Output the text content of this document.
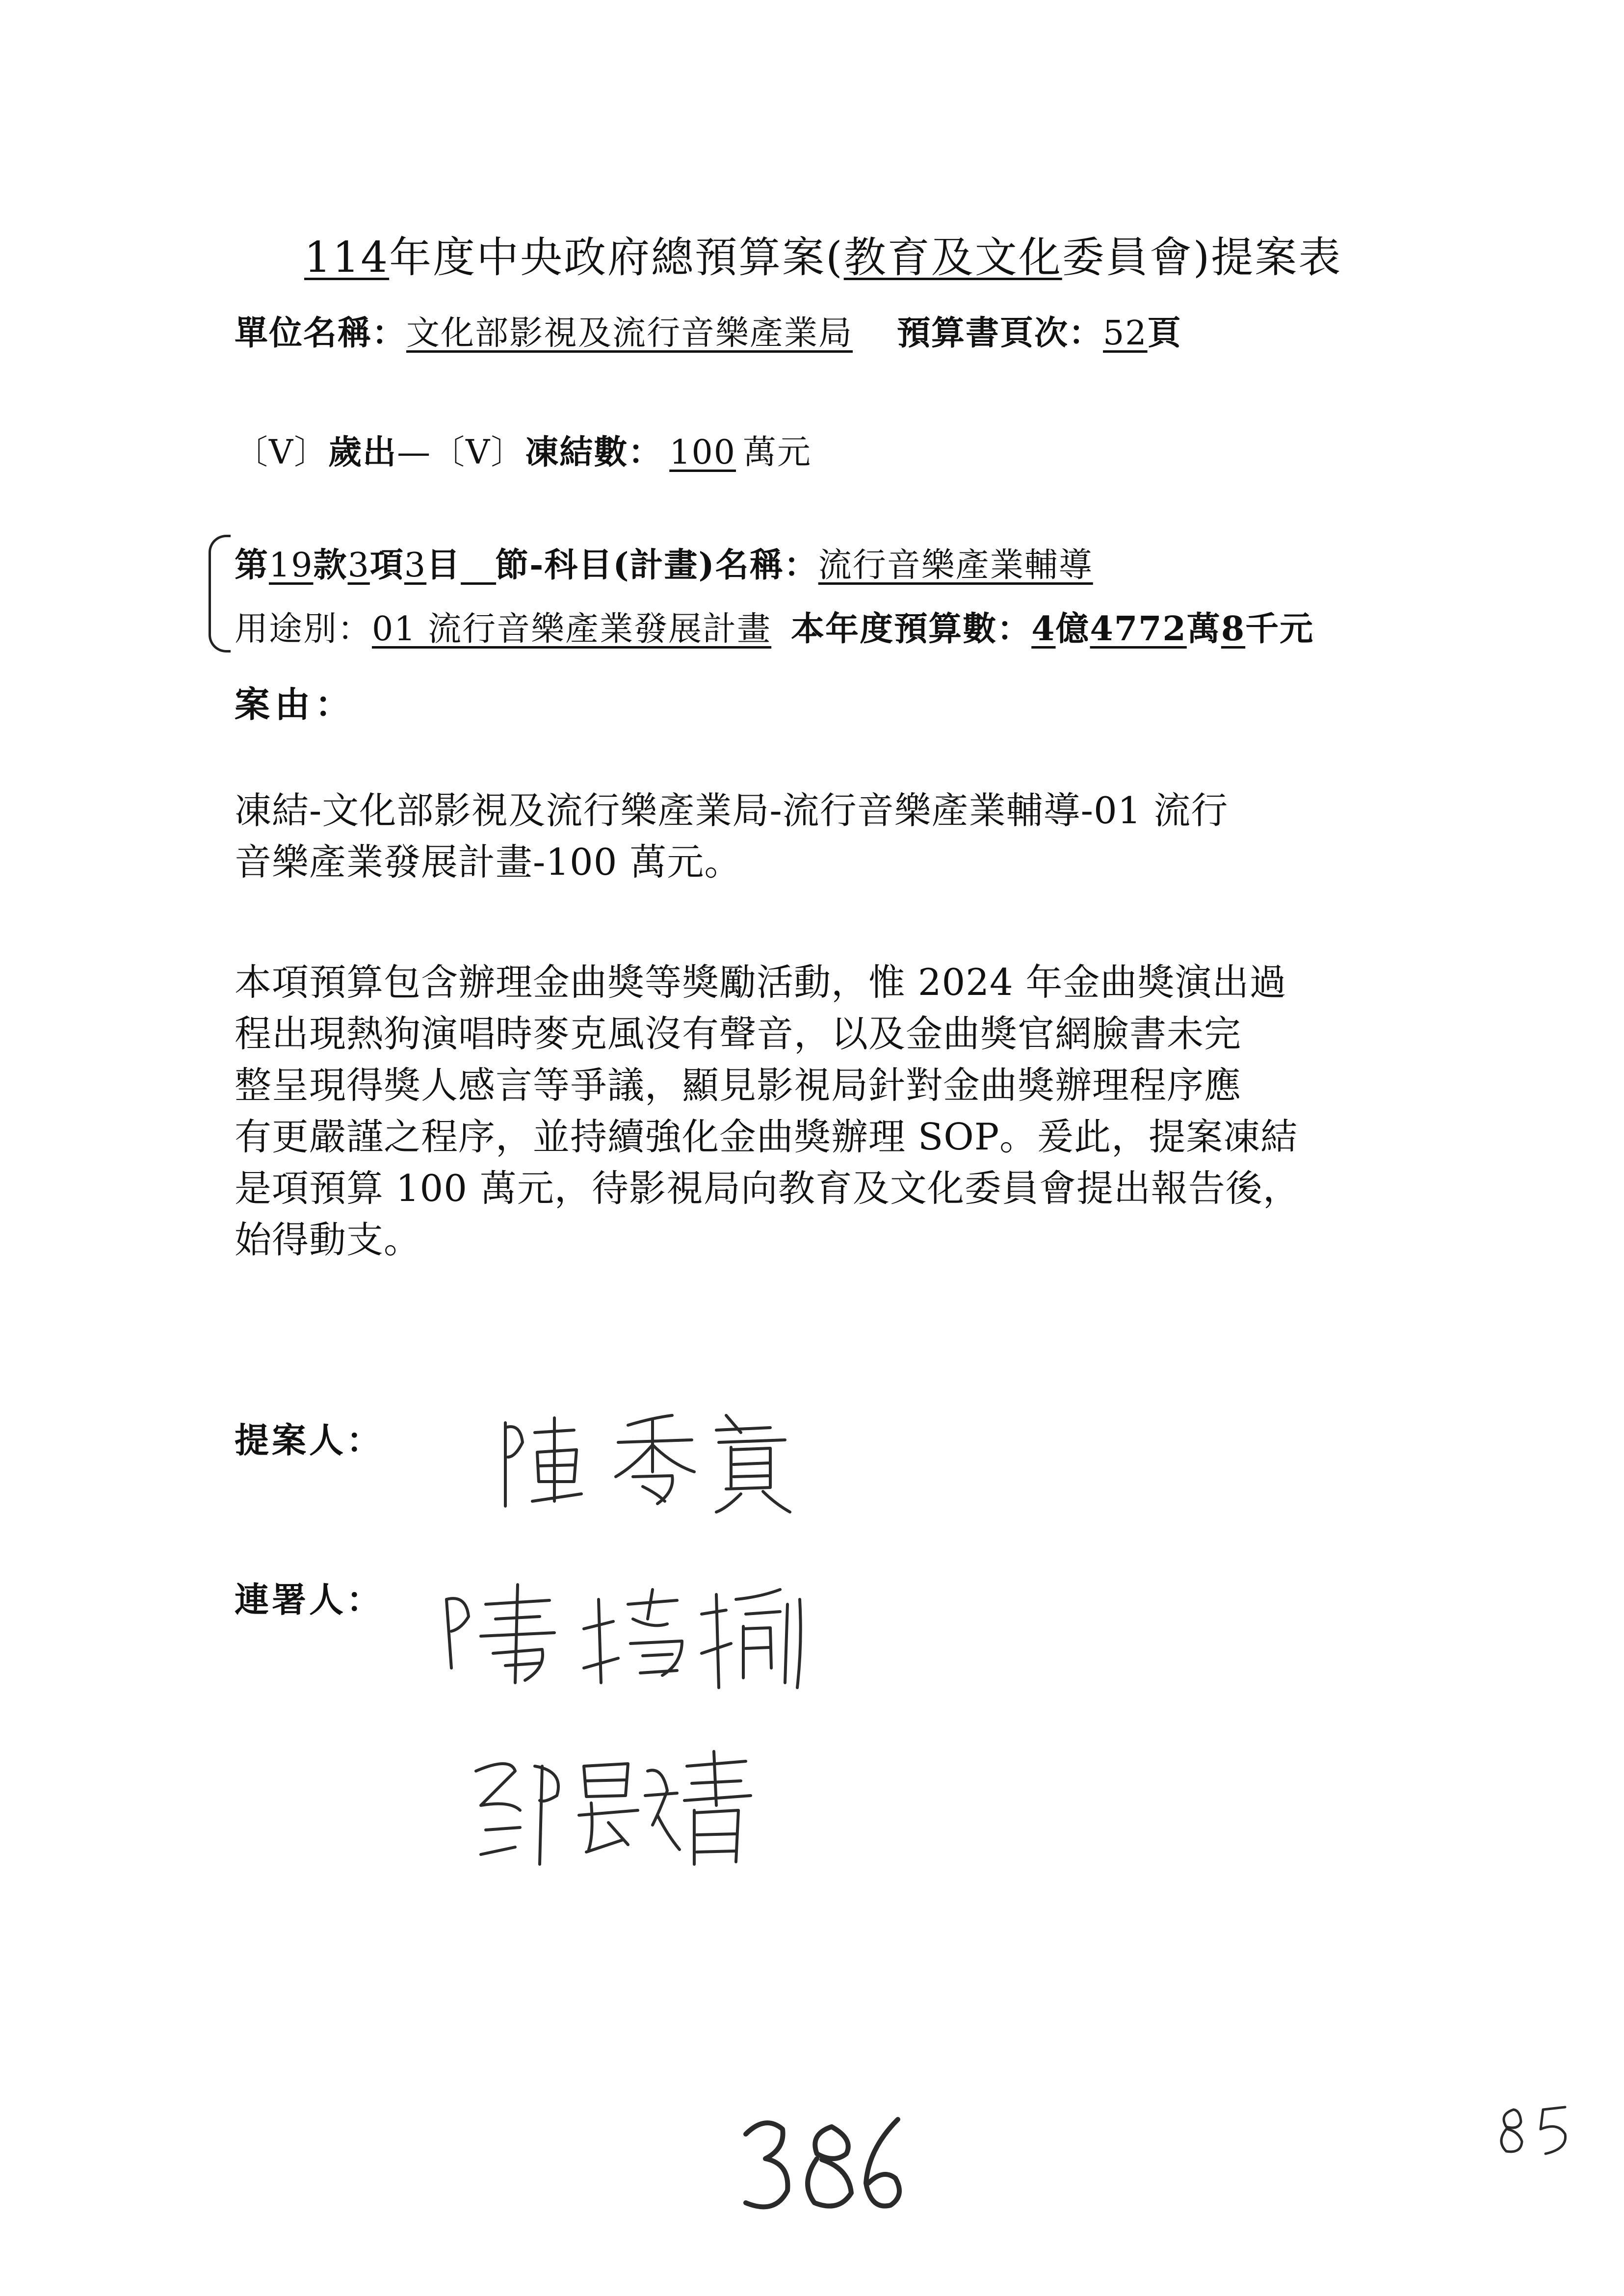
114年度中央政府總預算案(教育及文化委員會)提案表
單位名稱：文化部影視及流行音樂產業局 預算書頁次：52頁
〔V〕歲出—〔V〕凍結數： 100 萬元
第19款3項3目   節-科目(計畫)名稱：流行音樂產業輔導
用途別：01 流行音樂產業發展計畫 本年度預算數：4億4772萬8千元
案由：
凍結-文化部影視及流行樂產業局-流行音樂產業輔導-01 流行
音樂產業發展計畫-100 萬元。
本項預算包含辦理金曲獎等獎勵活動，惟 2024 年金曲獎演出過
程出現熱狗演唱時麥克風沒有聲音，以及金曲獎官網臉書未完
整呈現得獎人感言等爭議，顯見影視局針對金曲獎辦理程序應
有更嚴謹之程序，並持續強化金曲獎辦理 SOP。爰此，提案凍結
是項預算 100 萬元，待影視局向教育及文化委員會提出報告後，
始得動支。
提案人：
連署人：
